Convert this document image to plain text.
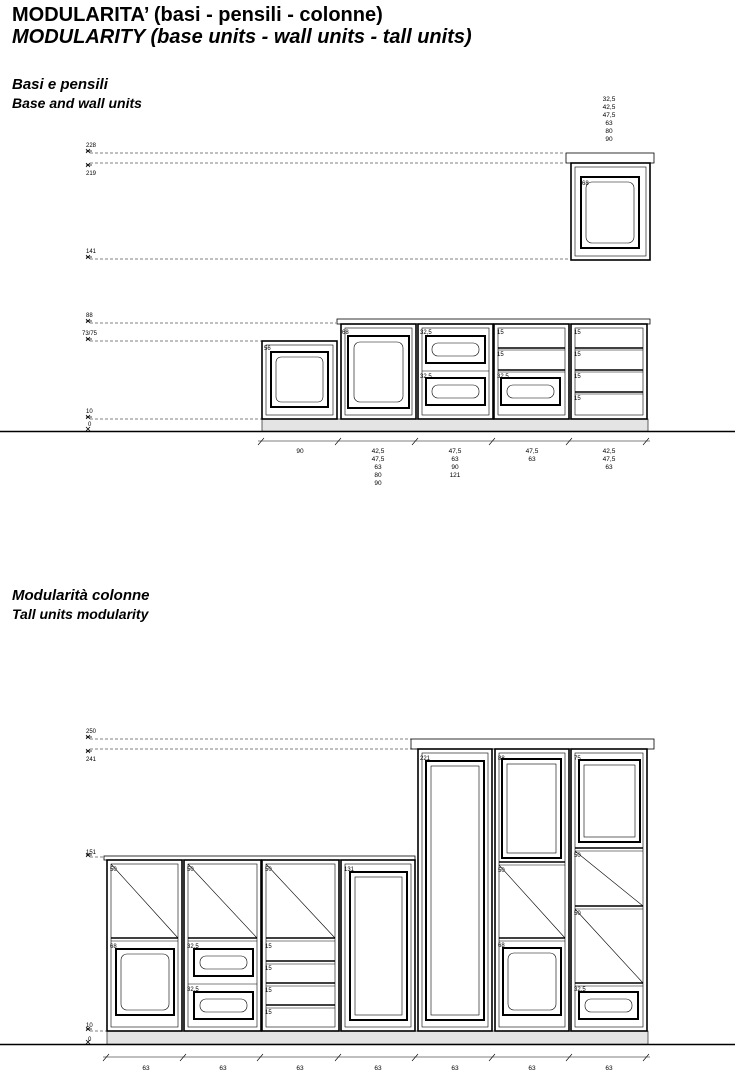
MODULARITA’ (basi - pensili - colonne)
MODULARITY (base units - wall units - tall units)
Basi e pensili
Base and wall units
Modularità colonne
Tall units modularity
228
219
141
88
73/75
10
0
32,5
42,5
47,5
63
80
90
68
56
68	32,5
32,5	32,5
15
15
15
15
15
15
90	42,5
47,5
63
80
90
47,5
63
90
121
47,5
63
42,5
47,5
63
250
241
151
10
0
50	50	50	50
50
50
68	68
32,5
32,5	32,5
15
15
15
15
131
221	88	75
63	63	63	63	63	63	63
